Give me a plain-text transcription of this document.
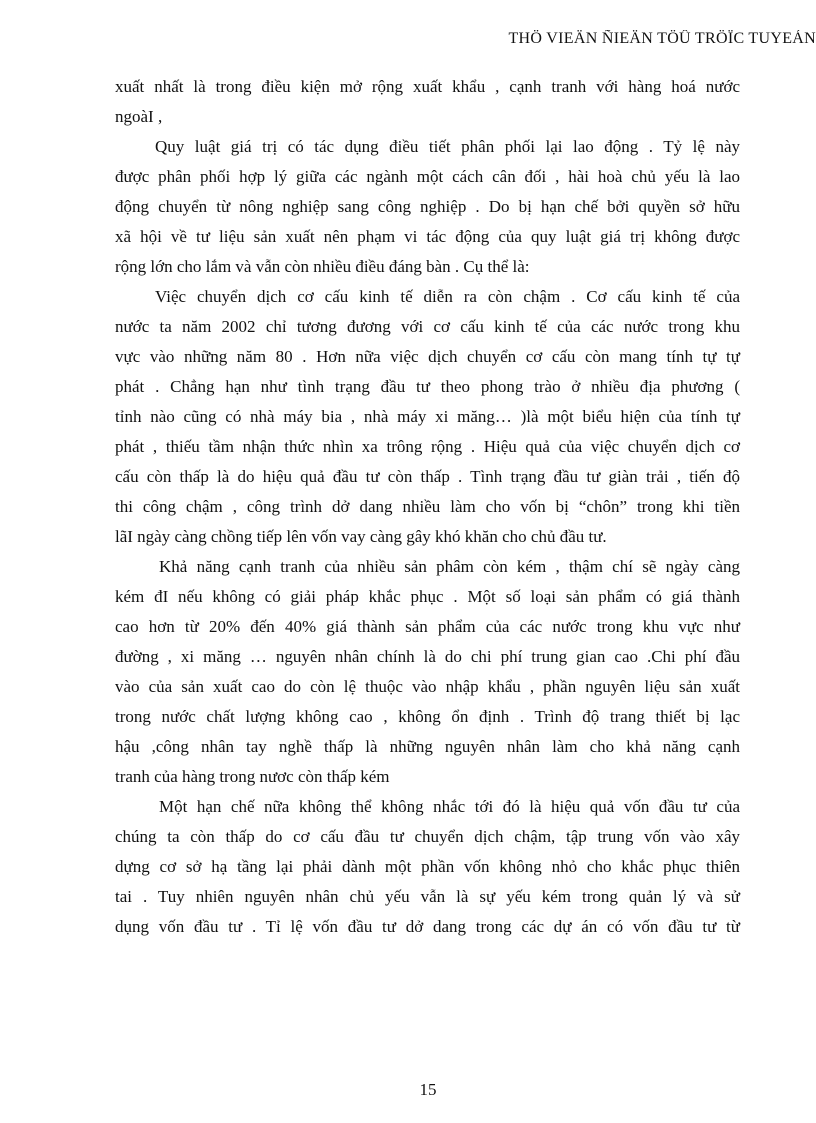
THÖ VIEÄN ÑIEÄN TÖÛ TRÖÏC TUYEÁN
xuất nhất là trong điều kiện mở rộng xuất khẩu , cạnh tranh với hàng hoá nước
ngoàI ,
Quy luật giá trị có tác dụng điều tiết phân phối lại lao động . Tỷ lệ này
được phân phối hợp lý giữa các ngành một cách cân đối , hài hoà chủ yếu là lao
động chuyển từ nông nghiệp sang công nghiệp . Do bị hạn chế bởi quyền sở hữu
xã hội về tư liệu sản xuất nên phạm vi tác động của quy luật giá trị không được
rộng lớn cho lắm và vẫn còn nhiều điều đáng bàn . Cụ thể là:
Việc chuyển dịch cơ cấu kinh tế diễn ra còn chậm . Cơ cấu kinh tế của
nước ta năm 2002 chỉ tương đương với cơ cấu kinh tế của các nước trong khu
vực vào những năm 80 . Hơn nữa việc dịch chuyển cơ cấu còn mang tính tự tự
phát . Chẳng hạn như tình trạng đầu tư theo phong trào ở nhiều địa phương (
tỉnh nào cũng có nhà máy bia , nhà máy xi măng… )là một biểu hiện của tính tự
phát , thiếu tầm nhận thức nhìn xa trông rộng . Hiệu quả của việc chuyển dịch cơ
cấu còn thấp là do hiệu quả đầu tư còn thấp . Tình trạng đầu tư giàn trải , tiến độ
thi công chậm , công trình dở dang nhiều làm cho vốn bị “chôn” trong khi tiền
lãI ngày càng chồng tiếp lên vốn vay càng gây khó khăn cho chủ đầu tư.
Khả năng cạnh tranh của nhiều sản phâm còn kém , thậm chí sẽ ngày càng
kém đI nếu không có giải pháp khắc phục . Một số loại sản phẩm có giá thành
cao hơn từ 20% đến 40% giá thành sản phẩm của các nước trong khu vực như
đường , xi măng … nguyên nhân chính là do chi phí trung gian cao .Chi phí đầu
vào của sản xuất cao do còn lệ thuộc vào nhập khẩu , phần nguyên liệu sản xuất
trong nước chất lượng không cao , không ổn định . Trình độ trang thiết bị lạc
hậu ,công nhân tay nghề thấp là những nguyên nhân làm cho khả năng cạnh
tranh của hàng trong nươc còn thấp kém
Một hạn chế nữa không thể không nhắc tới đó là hiệu quả vốn đầu tư của
chúng ta còn thấp do cơ cấu đầu tư chuyển dịch chậm, tập trung vốn vào xây
dựng cơ sở hạ tầng lại phải dành một phần vốn không nhỏ cho khắc phục thiên
tai . Tuy nhiên nguyên nhân chủ yếu vẫn là sự yếu kém trong quản lý và sử
dụng vốn đầu tư . Tỉ lệ vốn đầu tư dở dang trong các dự án có vốn đầu tư từ
15
